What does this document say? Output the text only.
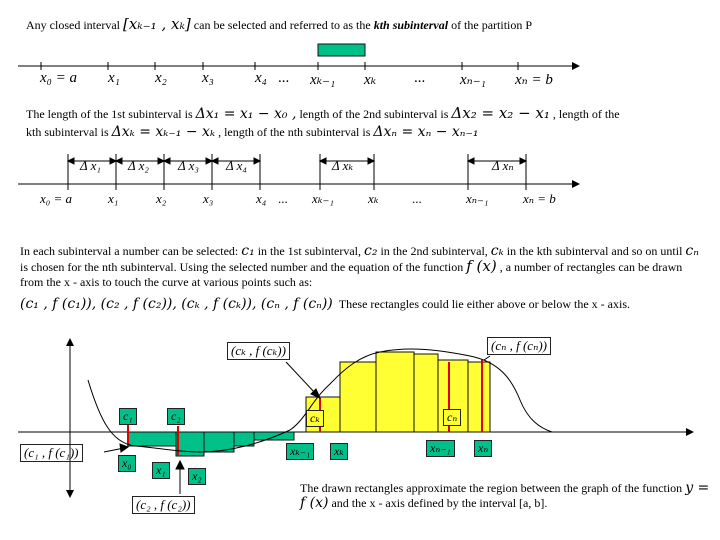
Any closed interval [xₖ₋₁ , xₖ] can be selected and referred to as the kth subinterval of the partition P
x₀ = a x₁ x₂ x₃	x₄ ... xₖ₋₁ xₖ	... xₙ₋₁ xₙ = b
The length of the 1st subinterval is Δx₁ = x₁ − x₀ , length of the 2nd subinterval is Δx₂ = x₂ − x₁ , length of the
kth subinterval is Δxₖ = xₖ₋₁ − xₖ , length of the nth subinterval is Δxₙ = xₙ − xₙ₋₁
Δ x₁ Δ x₂ Δ x₃ Δ x₄	Δ xₖ	Δ xₙ
x₀ = a	x₁	x₂	x₃	x₄ ... xₖ₋₁	xₖ	...	xₙ₋₁	xₙ = b
In each subinterval a number can be selected: c₁ in the 1st subinterval, c₂ in the 2nd subinterval, cₖ in the kth subinterval and so on until cₙ is chosen for the nth subinterval. Using the selected number and the equation of the function f (x) , a number of rectangles can be drawn from the x - axis to touch the curve at various points such as:
(c₁ , f (c₁)), (c₂ , f (c₂)), (cₖ , f (cₖ)), (cₙ , f (cₙ)) These rectangles could lie either above or below the x - axis.
(cₖ , f (cₖ))	(cₙ , f (cₙ))
(c₁ , f (c₁))
(c₂ , f (c₂))
c₁	c₂	cₖ	cₙ
x₀	x₁	x₂
xₖ₋₁	xₖ	xₙ₋₁	xₙ
The drawn rectangles approximate the region between the graph of the function y = f (x) and the x - axis defined by the interval [a, b].
